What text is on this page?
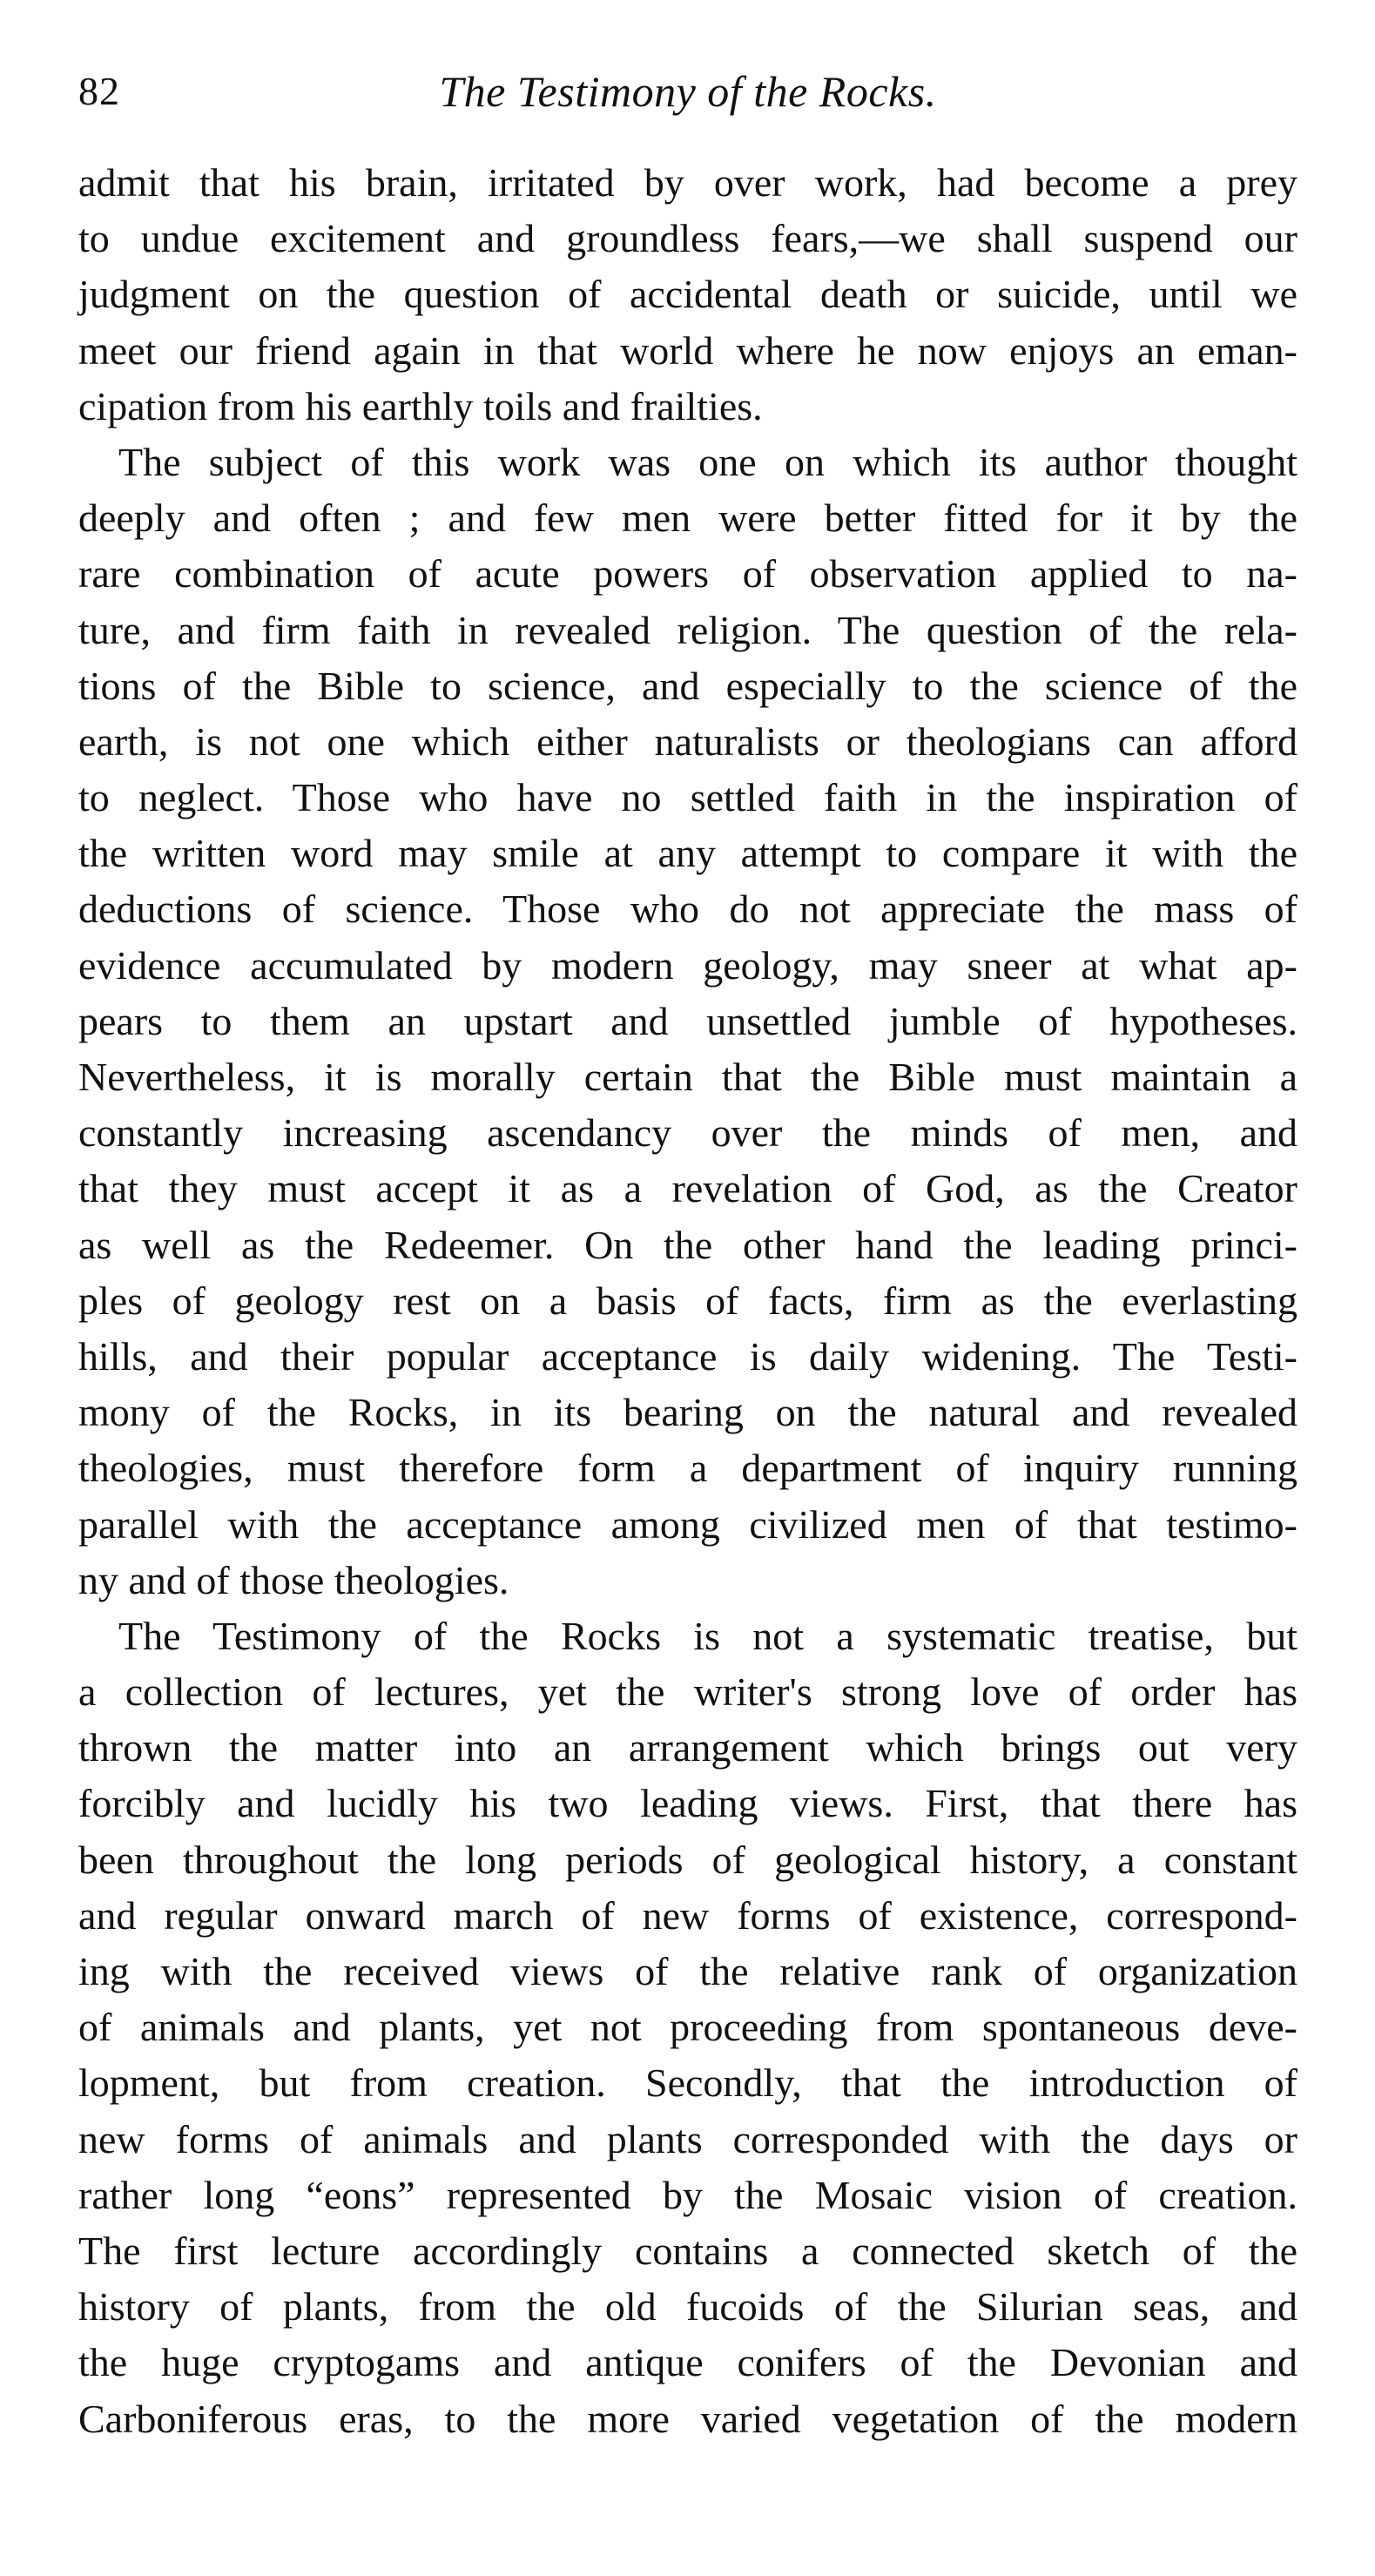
82	The Testimony of the Rocks.
admit that his brain, irritated by over work, had become a prey
to undue excitement and groundless fears,—we shall suspend our
judgment on the question of accidental death or suicide, until we
meet our friend again in that world where he now enjoys an eman-
cipation from his earthly toils and frailties.
The subject of this work was one on which its author thought
deeply and often ; and few men were better fitted for it by the
rare combination of acute powers of observation applied to na-
ture, and firm faith in revealed religion. The question of the rela-
tions of the Bible to science, and especially to the science of the
earth, is not one which either naturalists or theologians can afford
to neglect. Those who have no settled faith in the inspiration of
the written word may smile at any attempt to compare it with the
deductions of science. Those who do not appreciate the mass of
evidence accumulated by modern geology, may sneer at what ap-
pears to them an upstart and unsettled jumble of hypotheses.
Nevertheless, it is morally certain that the Bible must maintain a
constantly increasing ascendancy over the minds of men, and
that they must accept it as a revelation of God, as the Creator
as well as the Redeemer. On the other hand the leading princi-
ples of geology rest on a basis of facts, firm as the everlasting
hills, and their popular acceptance is daily widening. The Testi-
mony of the Rocks, in its bearing on the natural and revealed
theologies, must therefore form a department of inquiry running
parallel with the acceptance among civilized men of that testimo-
ny and of those theologies.
The Testimony of the Rocks is not a systematic treatise, but
a collection of lectures, yet the writer's strong love of order has
thrown the matter into an arrangement which brings out very
forcibly and lucidly his two leading views. First, that there has
been throughout the long periods of geological history, a constant
and regular onward march of new forms of existence, correspond-
ing with the received views of the relative rank of organization
of animals and plants, yet not proceeding from spontaneous deve-
lopment, but from creation. Secondly, that the introduction of
new forms of animals and plants corresponded with the days or
rather long “eons” represented by the Mosaic vision of creation.
The first lecture accordingly contains a connected sketch of the
history of plants, from the old fucoids of the Silurian seas, and
the huge cryptogams and antique conifers of the Devonian and
Carboniferous eras, to the more varied vegetation of the modern
